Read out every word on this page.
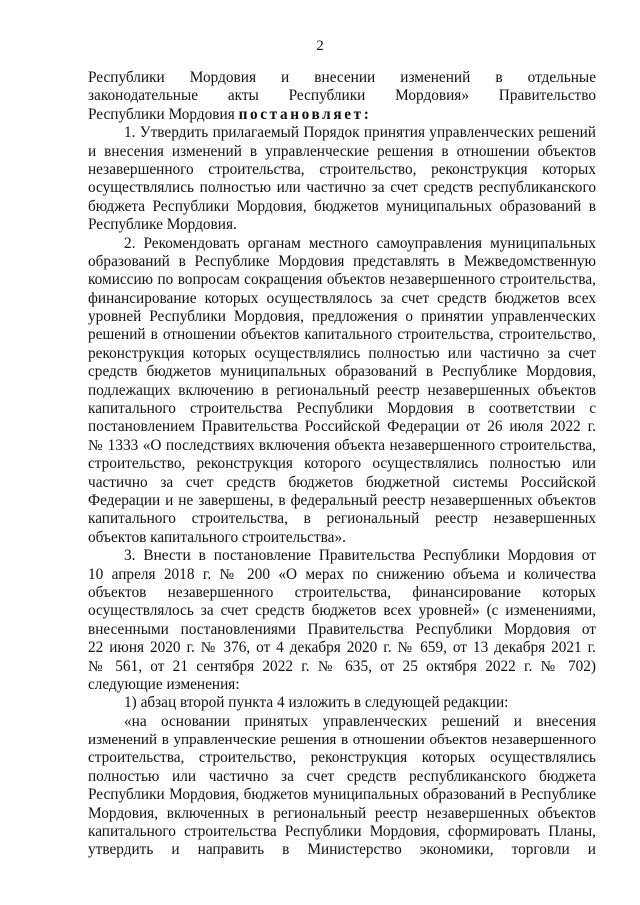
2
Республики Мордовия и внесении изменений в отдельные
законодательные акты Республики Мордовия» Правительство
Республики Мордовия постановляет:
1. Утвердить прилагаемый Порядок принятия управленческих решений
и внесения изменений в управленческие решения в отношении объектов
незавершенного строительства, строительство, реконструкция которых
осуществлялись полностью или частично за счет средств республиканского
бюджета Республики Мордовия, бюджетов муниципальных образований в
Республике Мордовия.
2. Рекомендовать органам местного самоуправления муниципальных
образований в Республике Мордовия представлять в Межведомственную
комиссию по вопросам сокращения объектов незавершенного строительства,
финансирование которых осуществлялось за счет средств бюджетов всех
уровней Республики Мордовия, предложения о принятии управленческих
решений в отношении объектов капитального строительства, строительство,
реконструкция которых осуществлялись полностью или частично за счет
средств бюджетов муниципальных образований в Республике Мордовия,
подлежащих включению в региональный реестр незавершенных объектов
капитального строительства Республики Мордовия в соответствии с
постановлением Правительства Российской Федерации от 26 июля 2022 г.
№ 1333 «О последствиях включения объекта незавершенного строительства,
строительство, реконструкция которого осуществлялись полностью или
частично за счет средств бюджетов бюджетной системы Российской
Федерации и не завершены, в федеральный реестр незавершенных объектов
капитального строительства, в региональный реестр незавершенных
объектов капитального строительства».
3. Внести в постановление Правительства Республики Мордовия от
10 апреля 2018 г. № 200 «О мерах по снижению объема и количества
объектов незавершенного строительства, финансирование которых
осуществлялось за счет средств бюджетов всех уровней» (с изменениями,
внесенными постановлениями Правительства Республики Мордовия от
22 июня 2020 г. № 376, от 4 декабря 2020 г. № 659, от 13 декабря 2021 г.
№ 561, от 21 сентября 2022 г. № 635, от 25 октября 2022 г. № 702)
следующие изменения:
1) абзац второй пункта 4 изложить в следующей редакции:
«на основании принятых управленческих решений и внесения
изменений в управленческие решения в отношении объектов незавершенного
строительства, строительство, реконструкция которых осуществлялись
полностью или частично за счет средств республиканского бюджета
Республики Мордовия, бюджетов муниципальных образований в Республике
Мордовия, включенных в региональный реестр незавершенных объектов
капитального строительства Республики Мордовия, сформировать Планы,
утвердить и направить в Министерство экономики, торговли и
